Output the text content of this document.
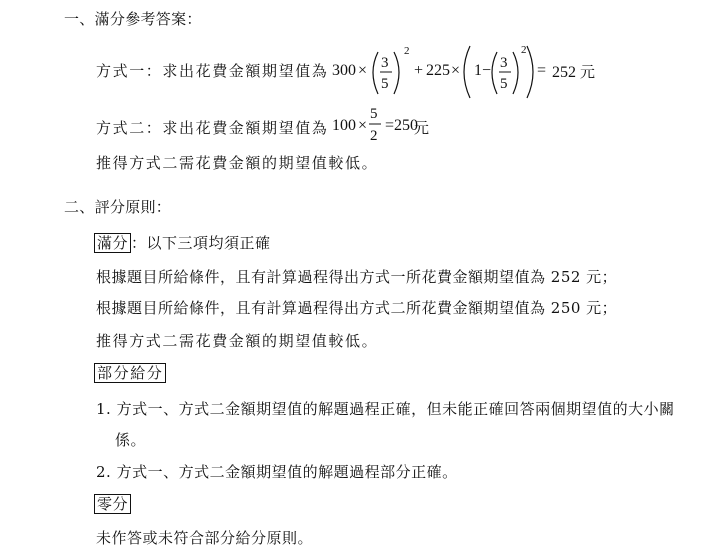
一、滿分參考答案：
方式一：求出花費金額期望值為 300 × 3
5
2
+ 225 × 1 − 3
5
2
= 252 元
方式二：求出花費金額期望值為 100 ×
5
2
= 250
元
推得方式二需花費金額的期望值較低。
二、評分原則：
滿分 ：以下三項均須正確
根據題目所給條件，且有計算過程得出方式一所花費金額期望值為 252 元；
根據題目所給條件，且有計算過程得出方式二所花費金額期望值為 250 元；
推得方式二需花費金額的期望值較低。
部分給分
1. 方式一、方式二金額期望值的解題過程正確，但未能正確回答兩個期望值的大小關
係。
2. 方式一、方式二金額期望值的解題過程部分正確。
零分
未作答或未符合部分給分原則。
